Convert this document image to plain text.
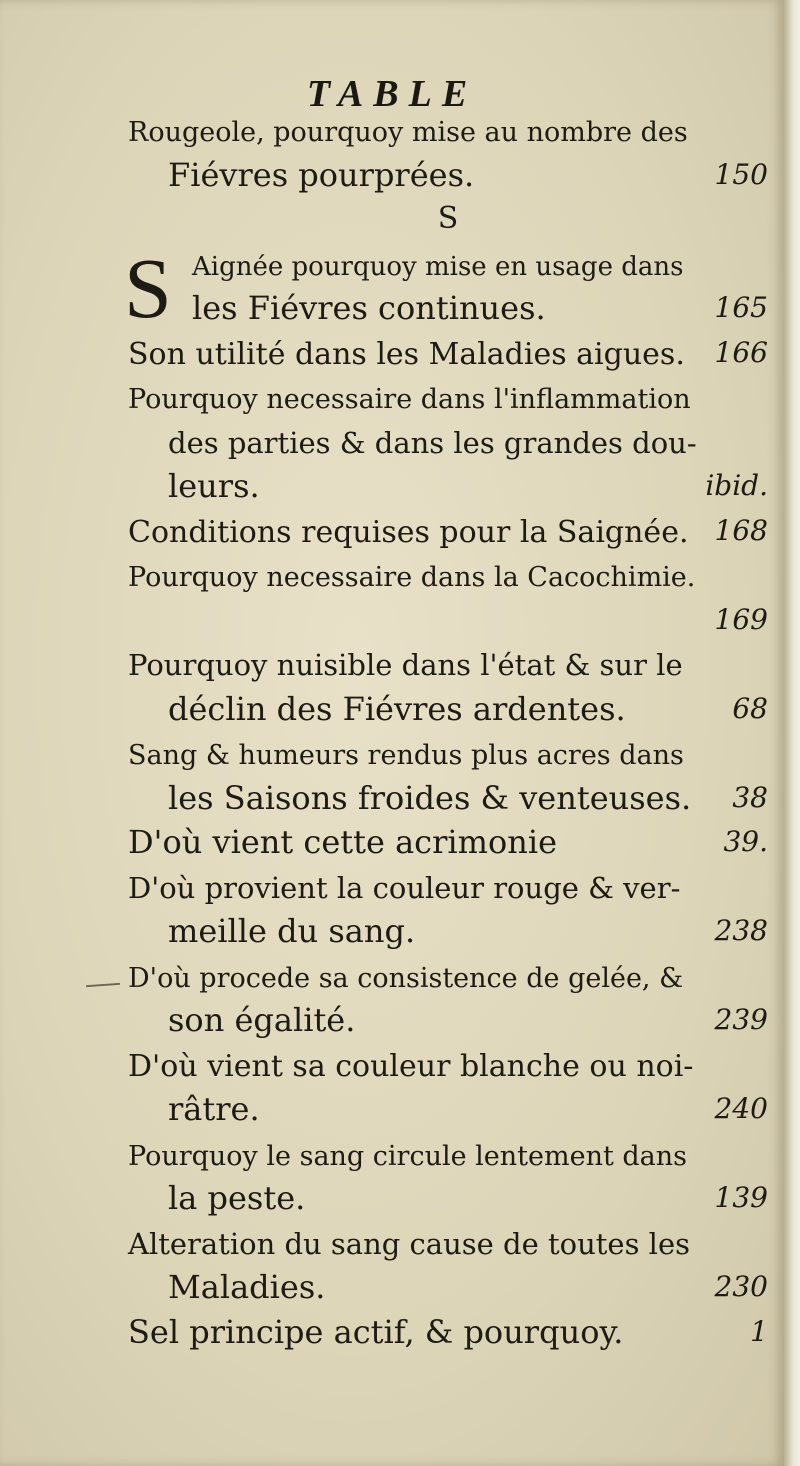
TABLE
Rougeole, pourquoy mise au nombre des
Fiévres pourprées.	150
S
S Aignée pourquoy mise en usage dans
les Fiévres continues.	165
Son utilité dans les Maladies aigues. 166
Pourquoy necessaire dans l'inflammation
des parties & dans les grandes dou-
leurs.	ibid.
Conditions requises pour la Saignée. 168
Pourquoy necessaire dans la Cacochimie.
169
Pourquoy nuisible dans l'état & sur le
déclin des Fiévres ardentes.	68
Sang & humeurs rendus plus acres dans
les Saisons froides & venteuses. 38
D'où vient cette acrimonie	39.
D'où provient la couleur rouge & ver-
meille du sang.	238
D'où procede sa consistence de gelée, &
son égalité.	239
D'où vient sa couleur blanche ou noi-
râtre.	240
Pourquoy le sang circule lentement dans
la peste.	139
Alteration du sang cause de toutes les
Maladies.	230
Sel principe actif, & pourquoy.	1
